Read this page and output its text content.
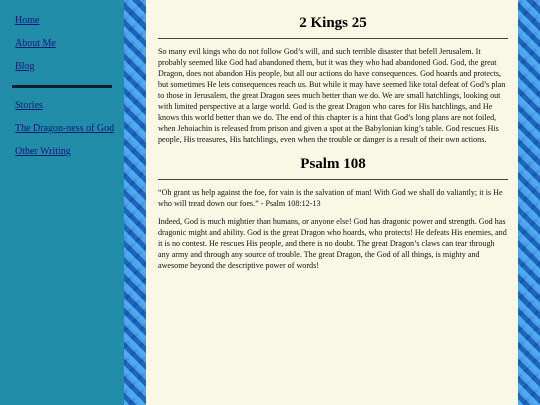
Home
About Me
Blog
Stories
The Dragon-ness of God
Other Writing
2 Kings 25

So many evil kings who do not follow God’s will, and such terrible disaster that befell Jerusalem. It probably seemed like God had abandoned them, but it was they who had abandoned God. God, the great Dragon, does not abandon His people, but all our actions do have consequences. God hoards and protects, but sometimes He lets consequences reach us. But while it may have seemed like total defeat of God’s plan to those in Jerusalem, the great Dragon sees much better than we do. We are small hatchlings, looking out with limited perspective at a large world. God is the great Dragon who cares for His hatchlings, and He knows this world better than we do. The end of this chapter is a hint that God’s long plans are not foiled, when Jehoiachin is released from prison and given a spot at the Babylonian king’s table. God rescues His people, His treasures, His hatchlings, even when the trouble or danger is a result of their own actions.

Psalm 108

“Oh grant us help against the foe, for vain is the salvation of man! With God we shall do valiantly; it is He who will tread down our foes.” - Psalm 108:12-13

Indeed, God is much mightier than humans, or anyone else! God has dragonic power and strength. God has dragonic might and ability. God is the great Dragon who hoards, who protects! He defeats His enemies, and it is no contest. He rescues His people, and there is no doubt. The great Dragon’s claws can tear through any army and through any source of trouble. The great Dragon, the God of all things, is mighty and awesome beyond the descriptive power of words!
